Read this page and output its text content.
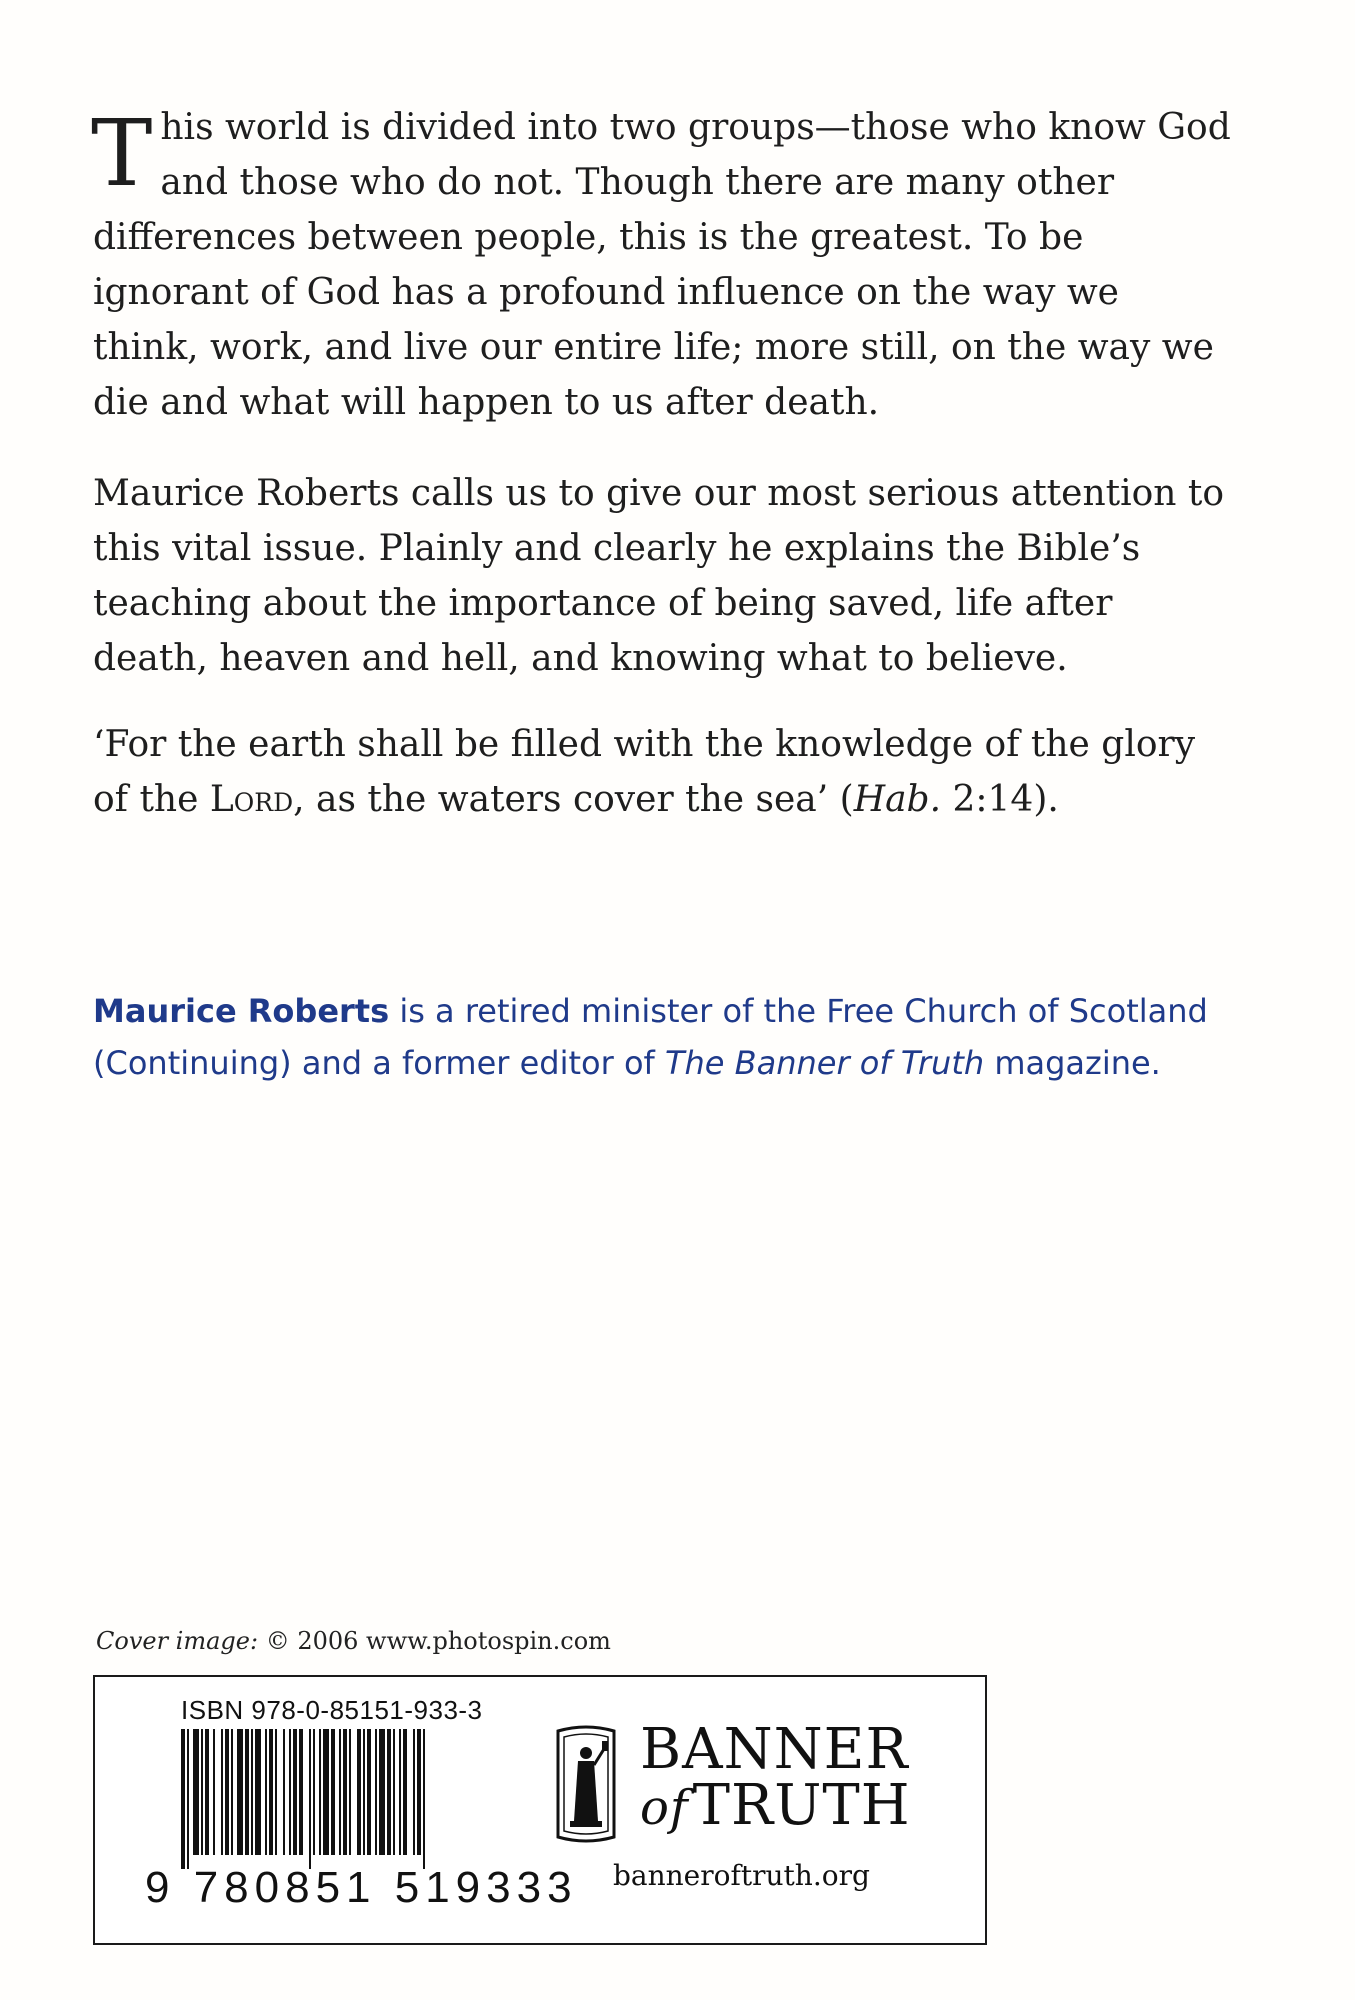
This world is divided into two groups—those who know God and those who do not. Though there are many other differences between people, this is the greatest. To be ignorant of God has a profound influence on the way we think, work, and live our entire life; more still, on the way we die and what will happen to us after death.

Maurice Roberts calls us to give our most serious attention to this vital issue. Plainly and clearly he explains the Bible’s teaching about the importance of being saved, life after death, heaven and hell, and knowing what to believe.

‘For the earth shall be filled with the knowledge of the glory of the Lord, as the waters cover the sea’ (Hab. 2:14).

Maurice Roberts is a retired minister of the Free Church of Scotland (Continuing) and a former editor of The Banner of Truth magazine.
Cover image: © 2006 www.photospin.com
ISBN 978-0-85151-933-3
9 780851 519333
BANNER
ofTRUTH
banneroftruth.org
